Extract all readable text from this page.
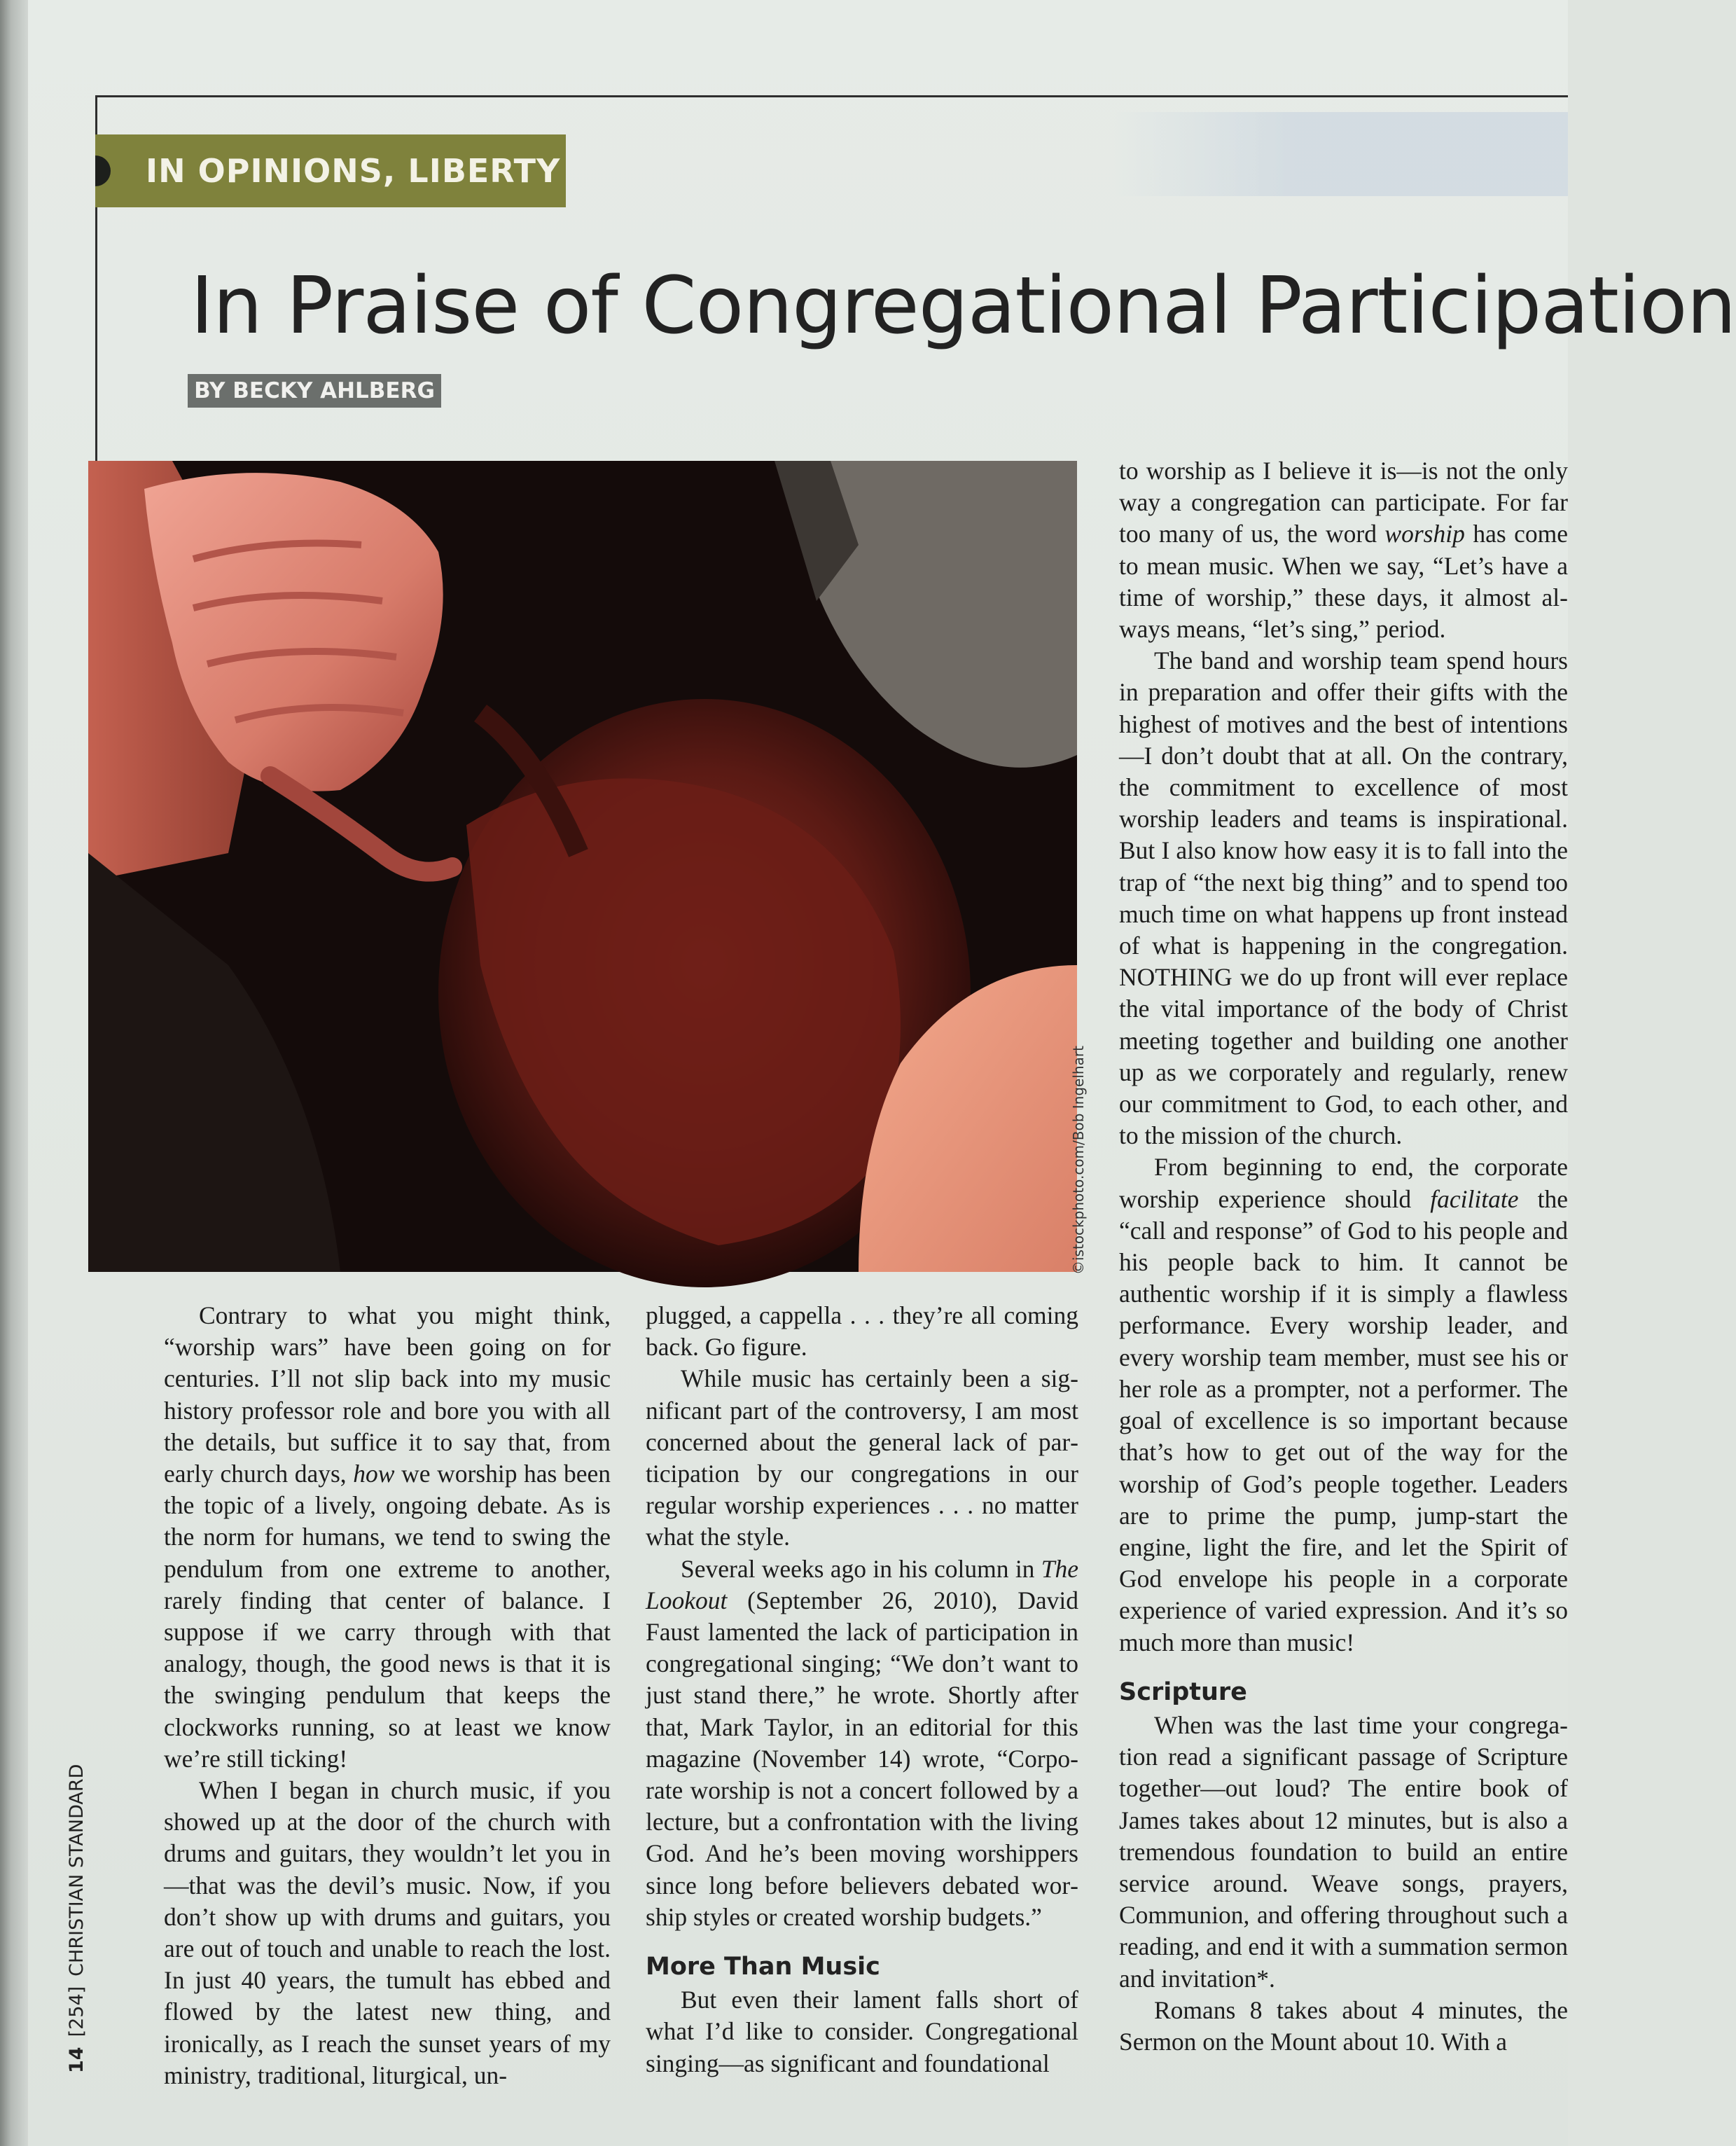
IN OPINIONS, LIBERTY
In Praise of Congregational Participation
BY BECKY AHLBERG
©istockphoto.com/Bob Ingelhart

Contrary to what you might think, “worship wars” have been going on for centuries. I’ll not slip back into my music history professor role and bore you with all the details, but suffice it to say that, from early church days, how we worship has been the topic of a lively, ongoing debate. As is the norm for humans, we tend to swing the pendulum from one extreme to another, rarely finding that center of balance. I suppose if we carry through with that analogy, though, the good news is that it is the swinging pendulum that keeps the clockworks running, so at least we know we’re still ticking!

When I began in church music, if you showed up at the door of the church with drums and guitars, they wouldn’t let you in—that was the devil’s music. Now, if you don’t show up with drums and guitars, you are out of touch and unable to reach the lost. In just 40 years, the tumult has ebbed and flowed by the latest new thing, and ironically, as I reach the sunset years of my ministry, traditional, liturgical, un-

plugged, a cappella . . . they’re all coming back. Go figure.

While music has certainly been a significant part of the controversy, I am most concerned about the general lack of participation by our congregations in our regular worship experiences . . . no matter what the style.

Several weeks ago in his column in The Lookout (September 26, 2010), David Faust lamented the lack of participation in congregational singing; “We don’t want to just stand there,” he wrote. Shortly after that, Mark Taylor, in an editorial for this magazine (November 14) wrote, “Corporate worship is not a concert followed by a lecture, but a confrontation with the living God. And he’s been moving worshippers since long before believers debated worship styles or created worship budgets.”

More Than Music

But even their lament falls short of what I’d like to consider. Congregational singing—as significant and foundational

to worship as I believe it is—is not the only way a congregation can participate. For far too many of us, the word worship has come to mean music. When we say, “Let’s have a time of worship,” these days, it almost always means, “let’s sing,” period.

The band and worship team spend hours in preparation and offer their gifts with the highest of motives and the best of intentions—I don’t doubt that at all. On the contrary, the commitment to excellence of most worship leaders and teams is inspirational. But I also know how easy it is to fall into the trap of “the next big thing” and to spend too much time on what happens up front instead of what is happening in the congregation. NOTHING we do up front will ever replace the vital importance of the body of Christ meeting together and building one another up as we corporately and regularly, renew our commitment to God, to each other, and to the mission of the church.

From beginning to end, the corporate worship experience should facilitate the “call and response” of God to his people and his people back to him. It cannot be authentic worship if it is simply a flawless performance. Every worship leader, and every worship team member, must see his or her role as a prompter, not a performer. The goal of excellence is so important because that’s how to get out of the way for the worship of God’s people together. Leaders are to prime the pump, jump-start the engine, light the fire, and let the Spirit of God envelope his people in a corporate experience of varied expression. And it’s so much more than music!

Scripture

When was the last time your congregation read a significant passage of Scripture together—out loud? The entire book of James takes about 12 minutes, but is also a tremendous foundation to build an entire service around. Weave songs, prayers, Communion, and offering throughout such a reading, and end it with a summation sermon and invitation*.

Romans 8 takes about 4 minutes, the Sermon on the Mount about 10. With a

14[254]CHRISTIAN STANDARD
